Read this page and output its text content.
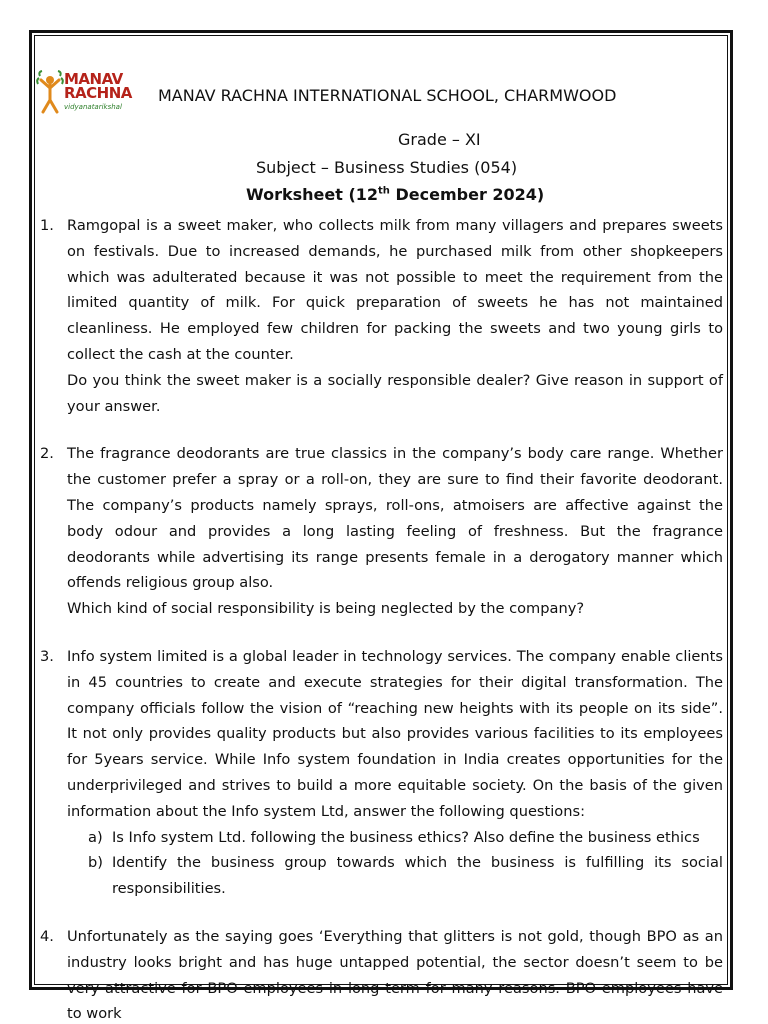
MANAV
RACHNA
vidyanatarikshal
MANAV RACHNA INTERNATIONAL SCHOOL, CHARMWOOD
Grade – XI
Subject – Business Studies (054)
Worksheet (12th December 2024)
1. Ramgopal is a sweet maker, who collects milk from many villagers and prepares sweets on festivals. Due to increased demands, he purchased milk from other shopkeepers which was adulterated because it was not possible to meet the requirement from the limited quantity of milk. For quick preparation of sweets he has not maintained cleanliness. He employed few children for packing the sweets and two young girls to collect the cash at the counter.

Do you think the sweet maker is a socially responsible dealer? Give reason in support of your answer.

2. The fragrance deodorants are true classics in the company’s body care range. Whether the customer prefer a spray or a roll-on, they are sure to find their favorite deodorant. The company’s products namely sprays, roll-ons, atmoisers are affective against the body odour and provides a long lasting feeling of freshness. But the fragrance deodorants while advertising its range presents female in a derogatory manner which offends religious group also.

Which kind of social responsibility is being neglected by the company?

3. Info system limited is a global leader in technology services. The company enable clients in 45 countries to create and execute strategies for their digital transformation. The company officials follow the vision of “reaching new heights with its people on its side”. It not only provides quality products but also provides various facilities to its employees for 5years service. While Info system foundation in India creates opportunities for the underprivileged and strives to build a more equitable society. On the basis of the given information about the Info system Ltd, answer the following questions:

a) Is Info system Ltd. following the business ethics? Also define the business ethics
b) Identify the business group towards which the business is fulfilling its social responsibilities.
4. Unfortunately as the saying goes ‘Everything that glitters is not gold, though BPO as an industry looks bright and has huge untapped potential, the sector doesn’t seem to be very attractive for BPO employees in long term for many reasons. BPO employees have to work
